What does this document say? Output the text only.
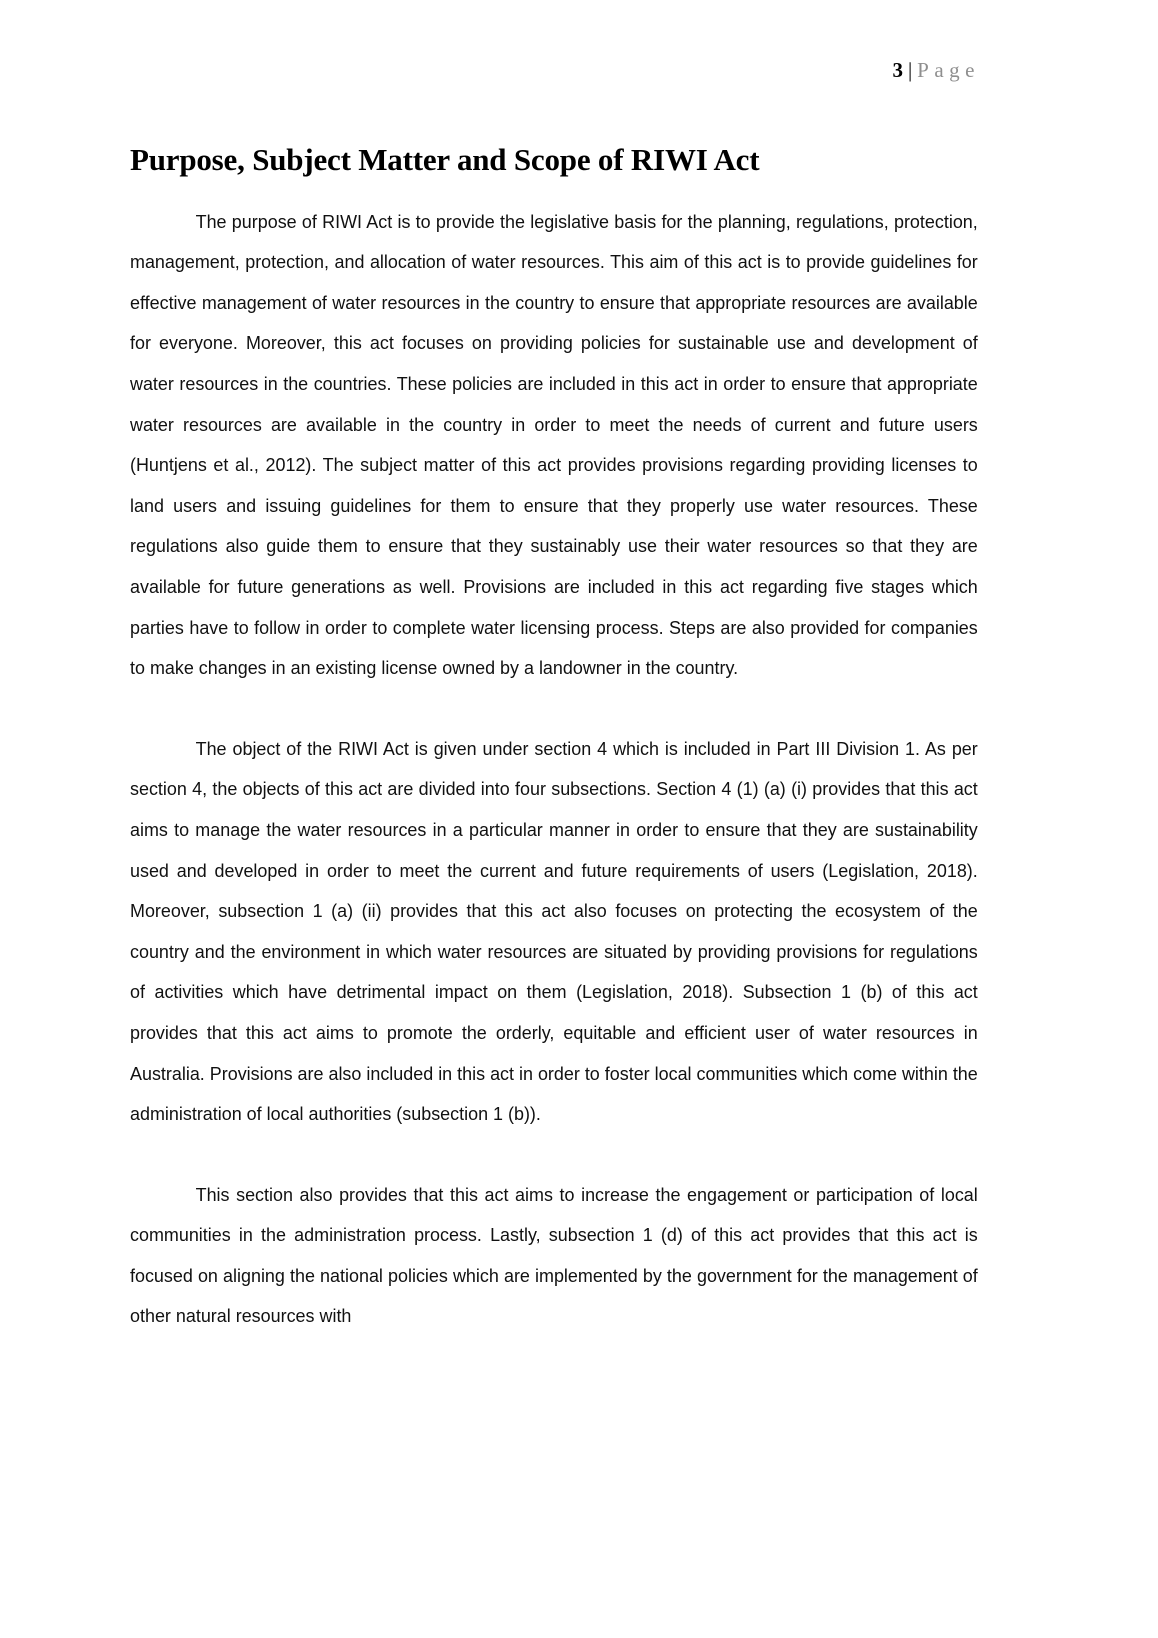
3 | Page
Purpose, Subject Matter and Scope of RIWI Act

The purpose of RIWI Act is to provide the legislative basis for the planning, regulations, protection, management, protection, and allocation of water resources. This aim of this act is to provide guidelines for effective management of water resources in the country to ensure that appropriate resources are available for everyone. Moreover, this act focuses on providing policies for sustainable use and development of water resources in the countries. These policies are included in this act in order to ensure that appropriate water resources are available in the country in order to meet the needs of current and future users (Huntjens et al., 2012). The subject matter of this act provides provisions regarding providing licenses to land users and issuing guidelines for them to ensure that they properly use water resources. These regulations also guide them to ensure that they sustainably use their water resources so that they are available for future generations as well. Provisions are included in this act regarding five stages which parties have to follow in order to complete water licensing process. Steps are also provided for companies to make changes in an existing license owned by a landowner in the country.

The object of the RIWI Act is given under section 4 which is included in Part III Division 1. As per section 4, the objects of this act are divided into four subsections. Section 4 (1) (a) (i) provides that this act aims to manage the water resources in a particular manner in order to ensure that they are sustainability used and developed in order to meet the current and future requirements of users (Legislation, 2018). Moreover, subsection 1 (a) (ii) provides that this act also focuses on protecting the ecosystem of the country and the environment in which water resources are situated by providing provisions for regulations of activities which have detrimental impact on them (Legislation, 2018). Subsection 1 (b) of this act provides that this act aims to promote the orderly, equitable and efficient user of water resources in Australia. Provisions are also included in this act in order to foster local communities which come within the administration of local authorities (subsection 1 (b)).

This section also provides that this act aims to increase the engagement or participation of local communities in the administration process. Lastly, subsection 1 (d) of this act provides that this act is focused on aligning the national policies which are implemented by the government for the management of other natural resources with
